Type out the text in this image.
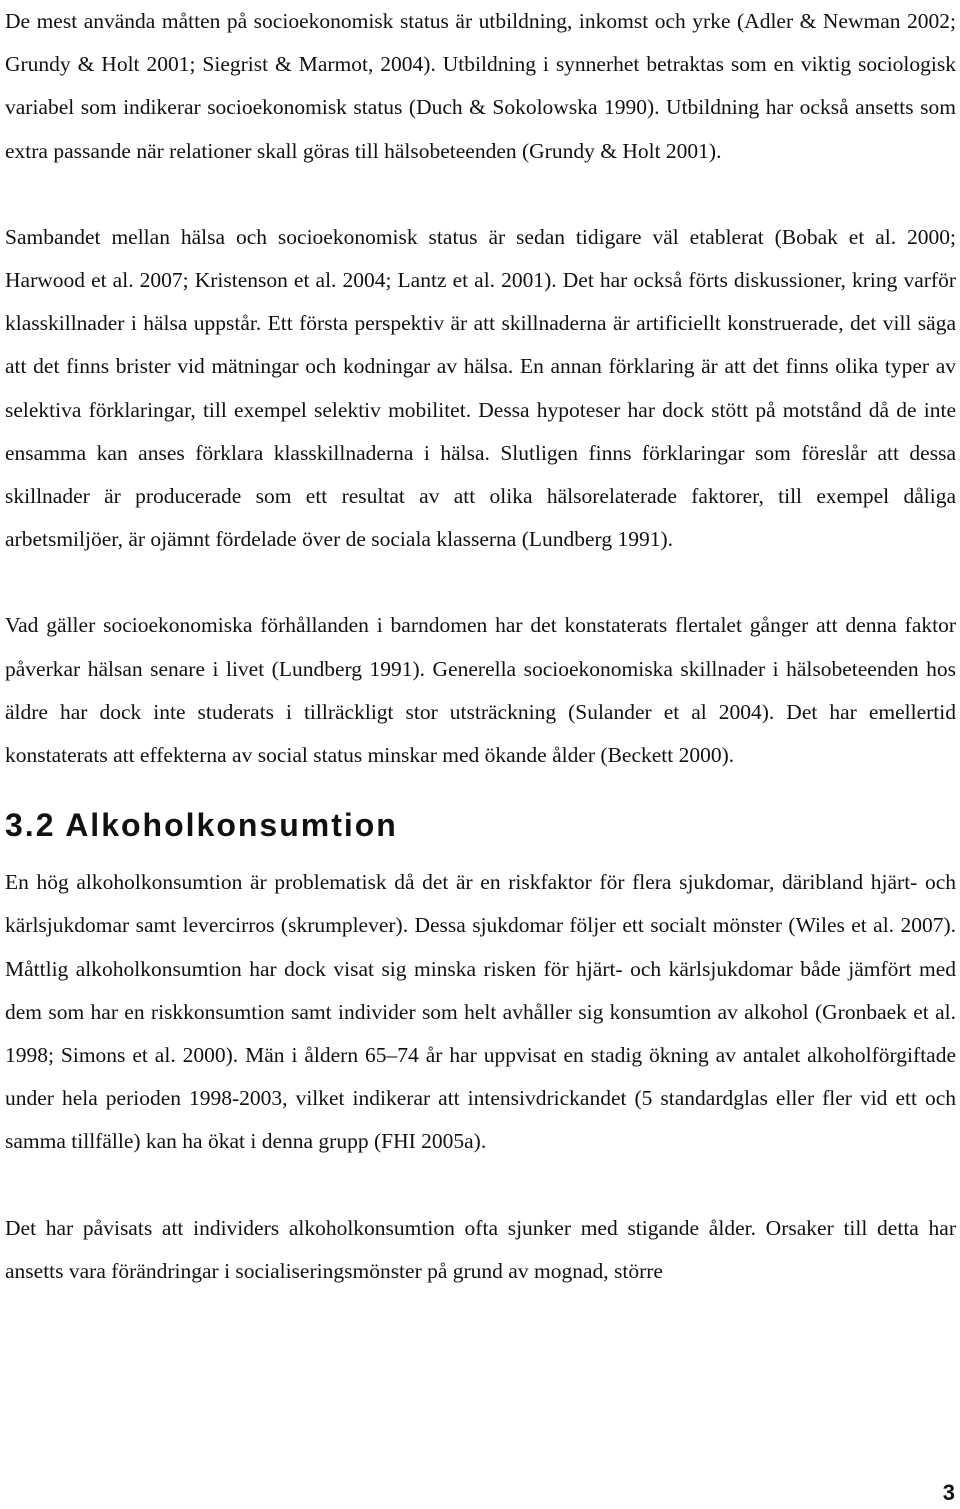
De mest använda måtten på socioekonomisk status är utbildning, inkomst och yrke (Adler & Newman 2002; Grundy & Holt 2001; Siegrist & Marmot, 2004). Utbildning i synnerhet betraktas som en viktig sociologisk variabel som indikerar socioekonomisk status (Duch & Sokolowska 1990). Utbildning har också ansetts som extra passande när relationer skall göras till hälsobeteenden (Grundy & Holt 2001).

Sambandet mellan hälsa och socioekonomisk status är sedan tidigare väl etablerat (Bobak et al. 2000; Harwood et al. 2007; Kristenson et al. 2004; Lantz et al. 2001). Det har också förts diskussioner, kring varför klasskillnader i hälsa uppstår. Ett första perspektiv är att skillnaderna är artificiellt konstruerade, det vill säga att det finns brister vid mätningar och kodningar av hälsa. En annan förklaring är att det finns olika typer av selektiva förklaringar, till exempel selektiv mobilitet. Dessa hypoteser har dock stött på motstånd då de inte ensamma kan anses förklara klasskillnaderna i hälsa. Slutligen finns förklaringar som föreslår att dessa skillnader är producerade som ett resultat av att olika hälsorelaterade faktorer, till exempel dåliga arbetsmiljöer, är ojämnt fördelade över de sociala klasserna (Lundberg 1991).

Vad gäller socioekonomiska förhållanden i barndomen har det konstaterats flertalet gånger att denna faktor påverkar hälsan senare i livet (Lundberg 1991). Generella socioekonomiska skillnader i hälsobeteenden hos äldre har dock inte studerats i tillräckligt stor utsträckning (Sulander et al 2004). Det har emellertid konstaterats att effekterna av social status minskar med ökande ålder (Beckett 2000).

3.2 Alkoholkonsumtion

En hög alkoholkonsumtion är problematisk då det är en riskfaktor för flera sjukdomar, däribland hjärt- och kärlsjukdomar samt levercirros (skrumplever). Dessa sjukdomar följer ett socialt mönster (Wiles et al. 2007). Måttlig alkoholkonsumtion har dock visat sig minska risken för hjärt- och kärlsjukdomar både jämfört med dem som har en riskkonsumtion samt individer som helt avhåller sig konsumtion av alkohol (Gronbaek et al. 1998; Simons et al. 2000). Män i åldern 65–74 år har uppvisat en stadig ökning av antalet alkoholförgiftade under hela perioden 1998-2003, vilket indikerar att intensivdrickandet (5 standardglas eller fler vid ett och samma tillfälle) kan ha ökat i denna grupp (FHI 2005a).

Det har påvisats att individers alkoholkonsumtion ofta sjunker med stigande ålder. Orsaker till detta har ansetts vara förändringar i socialiseringsmönster på grund av mognad, större

3
